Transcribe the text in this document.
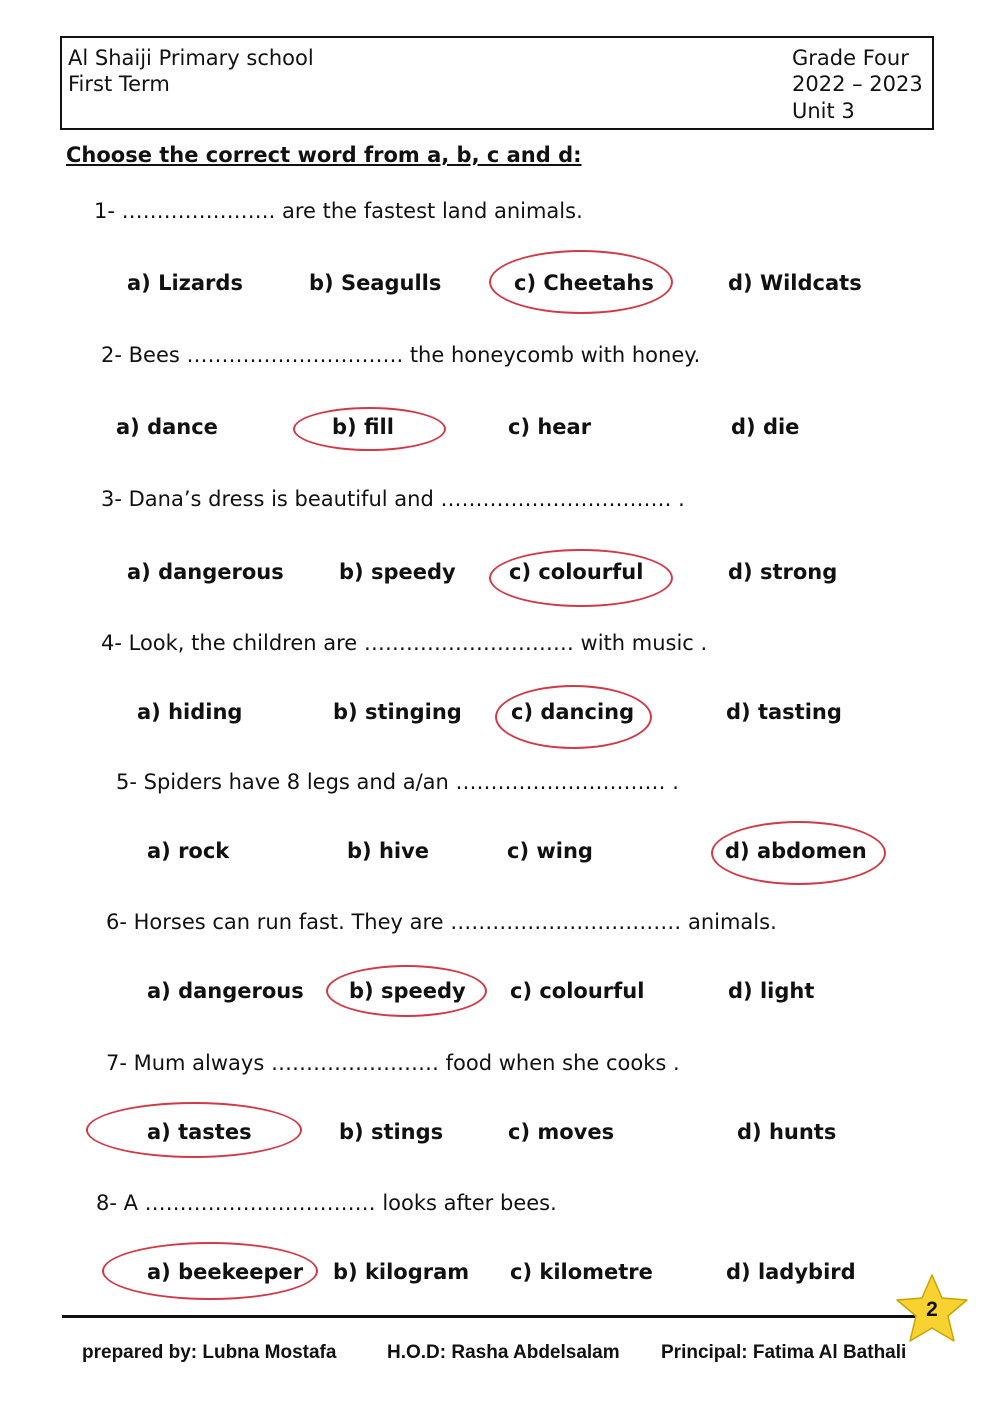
Al Shaiji Primary school
First Term
Grade Four
2022 – 2023
Unit 3
Choose the correct word from a, b, c and d:
1- …………………. are the fastest land animals.
a) Lizards	b) Seagulls	c) Cheetahs	d) Wildcats
2- Bees …………………………. the honeycomb with honey.
a) dance	b) fill	c) hear	d) die
3- Dana’s dress is beautiful and …………………………… .
a) dangerous	b) speedy	c) colourful	d) strong
4- Look, the children are ………………………… with music .
a) hiding	b) stinging c) dancing	d) tasting
5- Spiders have 8 legs and a/an ………………………… .
a) rock	b) hive	c) wing	d) abdomen
6- Horses can run fast. They are …………………………… animals.
a) dangerous b) speedy c) colourful	d) light
7- Mum always …………………… food when she cooks .
a) tastes	b) stings	c) moves	d) hunts
8- A …………………………… looks after bees.
a) beekeeper b) kilogram c) kilometre	d) ladybird
prepared by: Lubna Mostafa	H.O.D: Rasha Abdelsalam Principal: Fatima Al Bathali
2
